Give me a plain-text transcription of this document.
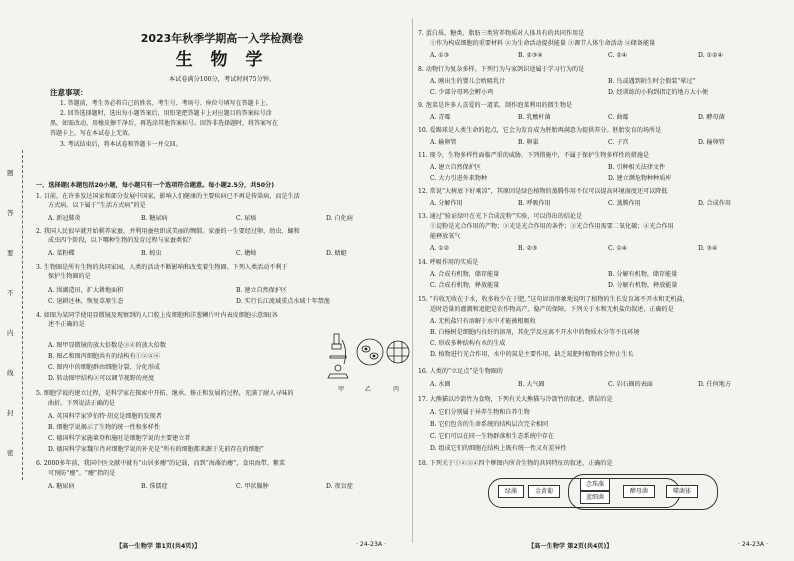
题
答
要
不
内
线
封
密
2023年秋季学期高一入学检测卷
生 物 学
本试卷满分100分，考试时间75分钟。
注意事项：
1. 答题前，考生务必将自己的姓名、考生号、考场号、座位号填写在答题卡上。
2. 回答选择题时，选出每小题答案后，用铅笔把答题卡上对应题目的答案标号涂
黑。如需改动，用橡皮擦干净后，再选涂其他答案标号。回答非选择题时，将答案写在
答题卡上。写在本试卷上无效。
3. 考试结束后，将本试卷和答题卡一并交回。
一、选择题(本题包括20小题，每小题只有一个选项符合题意。每小题2.5分，共50分)
1. 目前，在许多发达国家和部分发展中国家，影响人们健康的主要疾病已不再是传染病，而是生活
方式病。以下属于“生活方式病”的是
A. 新冠肺炎	B. 糖尿病	C. 尿痰	D. 白化病
2. 我国人民很早就开始驯养家蚕，并利用蚕丝织成美丽的绸缎。家蚕的一生要经过卵、幼虫、蛹和
成虫四个阶段，以下哪种生物的发育过程与家蚕类似？
A. 菜粉蝶	B. 蝗虫	C. 蟾蜍	D. 蜻蜓
3. 生物圈是所有生物的共同家园，人类的活动不断影响和改变着生物圈。下列人类活动不利于
保护生物圈的是
A. 围湖造田，扩大耕地面积	B. 建立自然保护区
C. 退耕还林，恢复草原生态	D. 实行长江流域重点水域十年禁渔
4. 如图为某同学使用显微镜及观察到的人口腔上皮细胞和洋葱鳞片叶内表皮细胞示意图(各
述不正确的是
A. 图甲显微镜的放大倍数是③④的放大倍数
B. 图乙和图丙细胞共有的结构有①②④⑥
C. 图丙中的细胞群由细胞分裂、分化形成
D. 转动图甲结构②可以调节视野的亮度
甲	乙	丙
5. 细胞学说的建立过程，是科学家在探索中开拓、继承、修正和发展的过程，充满了耐人寻味的
曲折。下列说法正确的是
A. 英国科学家罗伯特·胡克是细胞的发现者
B. 细胞学说揭示了生物的统一性和多样性
C. 德国科学家施莱登和施旺是细胞学说的主要建立者
D. 德国科学家魏尔肖对细胞学说的补充是“所有的细胞都来源于先前存在的细胞”
6. 2000多年前，我国中医文献中就有“山居多瘿”的记载，而到“海藻治瘿”，食用海带、紫菜
可预防“瘿”。“瘿”指的是
A. 糖尿病	B. 侏儒症	C. 甲状腺肿	D. 夜盲症
【高一生物学 第1页(共4页)】	· 24-23A ·
7. 蛋白质、糖类、脂肪三类营养物质对人体具有的共同作用是
①作为构成细胞的重要材料 ②为生命活动提供能量 ③调节人体生命活动 ④储备能量
A. ①③	B. ②③④	C. ②④	D. ①②④
8. 动物行为复杂多样。下列行为与家鸽识途属于学习行为的是
A. 刚出生的婴儿会吮吸乳汁	B. 鸟或遇到陌生时会假装“晕过”
C. 少部分母鸡会孵小鸡	D. 经训练的小狗到指定的地方大小便
9. 泡菜是许多人喜爱的一道菜，制作泡菜利用的微生物是
A. 青霉	B. 乳酸杆菌	C. 曲霉	D. 酵母菌
10. 爱踢球是人类生命的起点，它会为发育成为胚胎再满意为提供养分。胚胎发育的场所是
A. 输卵管	B. 卵巢	C. 子宫	D. 输卵管
11. 现今，生物多样性面临严重的威胁。下列措施中，不属于保护生物多样性的措施是
A. 建立自然保护区	B. 引种相关法律文件
C. 大力引进外来物种	D. 建立濒危物种种质库
12. 常说“大树底下好乘凉”，其原因是绿色植物的蒸腾作用不仅可以提高环境湿度还可以降低
A. 分解作用	B. 呼吸作用	C. 蒸腾作用	D. 合成作用
13. 通过“验证绿叶在光下合成淀粉”实验，可以得出的结论是
①淀粉是光合作用的产物；②光是光合作用的条件；③光合作用需要二氧化碳；④光合作用
能释放氧气
A. ①②	B. ②③	C. ①④	D. ③④
14. 呼吸作用的实质是
A. 合成有机物，储存能量	B. 分解有机物，储存能量
C. 合成有机物，释放能量	D. 分解有机物，释放能量
15. “有收无收在于水，收多收少在于肥。”这句谚语形象地说明了植物的生长发育离不开水和无机盐，
适时适量的灌溉和追肥是农作物高产、稳产的保障。下列关于水和无机盐的叙述，正确的是
A. 无机盐只有溶解于水中才能被根吸收
B. 白杨树是细胞内良好的溶剂，其化学反应离不开水中的物质水分等不良环境
C. 形成多种结构有水的生成
D. 植物进行光合作用，水中的氮是主要作用，缺乏氮肥时植物将会停止生长
16. 人类的“立足点”是生物圈的
A. 水圈	B. 大气圈	C. 岩石圈的表面	D. 任何地方
17. 大熊猫以冷箭竹为食物，下列有关大熊猫与冷箭竹的叙述，错误的是
A. 它们分别属于异养生物和自养生物
B. 它们包含的生命系统的结构层次完全相同
C. 它们可以在同一生物群落和生态系统中存在
D. 组成它们的细胞在结构上既有统一性又有差异性
18. 下列关于①②③④四个框图内所含生物的共同特征的叙述，正确的是
绿藻	金黄葡
念珠藻
蓝细菌
酵母菌	噬菌体
【高一生物学 第2页(共4页)】	· 24-23A ·
